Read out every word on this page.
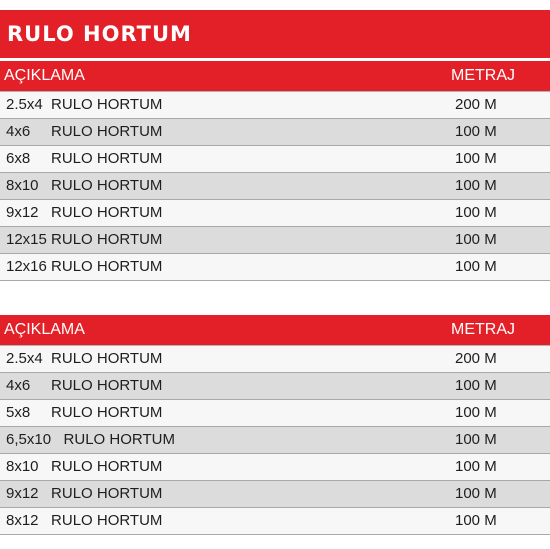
RULO HORTUM
AÇIKLAMA	METRAJ
2.5x4  RULO HORTUM	200 M
4x6     RULO HORTUM	100 M
6x8     RULO HORTUM	100 M
8x10   RULO HORTUM	100 M
9x12   RULO HORTUM	100 M
12x15 RULO HORTUM	100 M
12x16 RULO HORTUM	100 M
AÇIKLAMA	METRAJ
2.5x4  RULO HORTUM	200 M
4x6     RULO HORTUM	100 M
5x8     RULO HORTUM	100 M
6,5x10   RULO HORTUM	100 M
8x10   RULO HORTUM	100 M
9x12   RULO HORTUM	100 M
8x12   RULO HORTUM	100 M
